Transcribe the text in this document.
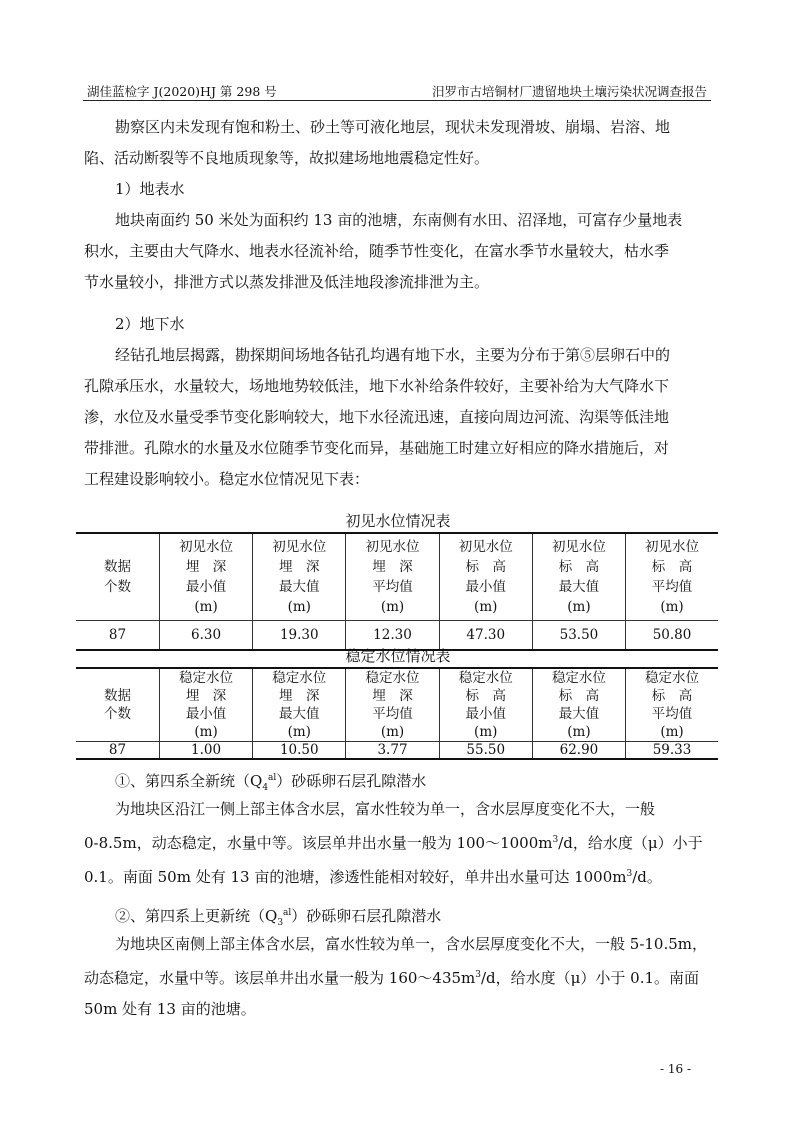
湖佳蓝检字 J(2020)HJ 第 298 号	汨罗市古培铜材厂遗留地块土壤污染状况调查报告
勘察区内未发现有饱和粉土、砂土等可液化地层，现状未发现滑坡、崩塌、岩溶、地
陷、活动断裂等不良地质现象等，故拟建场地地震稳定性好。
1）地表水
地块南面约 50 米处为面积约 13 亩的池塘，东南侧有水田、沼泽地，可富存少量地表
积水，主要由大气降水、地表水径流补给，随季节性变化，在富水季节水量较大，枯水季
节水量较小，排泄方式以蒸发排泄及低洼地段渗流排泄为主。
2）地下水
经钻孔地层揭露，勘探期间场地各钻孔均遇有地下水，主要为分布于第⑤层卵石中的
孔隙承压水，水量较大，场地地势较低洼，地下水补给条件较好，主要补给为大气降水下
渗，水位及水量受季节变化影响较大，地下水径流迅速，直接向周边河流、沟渠等低洼地
带排泄。孔隙水的水量及水位随季节变化而异，基础施工时建立好相应的降水措施后，对
工程建设影响较小。稳定水位情况见下表：
初见水位情况表
数据
个数	初见水位
埋　深
最小值
(m)	初见水位
埋　深
最大值
(m)	初见水位
埋　深
平均值
(m)	初见水位
标　高
最小值
(m)	初见水位
标　高
最大值
(m)	初见水位
标　高
平均值
(m)

87	6.30	19.30	12.30	47.30	53.50	50.80
稳定水位情况表
数据
个数	稳定水位
埋　深
最小值
(m)	稳定水位
埋　深
最大值
(m)	稳定水位
埋　深
平均值
(m)	稳定水位
标　高
最小值
(m)	稳定水位
标　高
最大值
(m)	稳定水位
标　高
平均值
(m)

87	1.00	10.50	3.77	55.50	62.90	59.33
①、第四系全新统$(Q_4^{al})$砂砾卵石层孔隙潜水
为地块区沿江一侧上部主体含水层，富水性较为单一，含水层厚度变化不大，一般
0-8.5m，动态稳定，水量中等。该层单井出水量一般为 $100\sim 1000m^3/d$，给水度（μ）小于
0.1。南面 50m 处有 13 亩的池塘，渗透性能相对较好，单井出水量可达 $1000m^3/d$。
②、第四系上更新统$(Q_3^{al})$砂砾卵石层孔隙潜水
为地块区南侧上部主体含水层，富水性较为单一，含水层厚度变化不大，一般 5-10.5m，
动态稳定，水量中等。该层单井出水量一般为 $160\sim 435m^3/d$，给水度（μ）小于 0.1。南面
50m 处有 13 亩的池塘。
- 16 -
